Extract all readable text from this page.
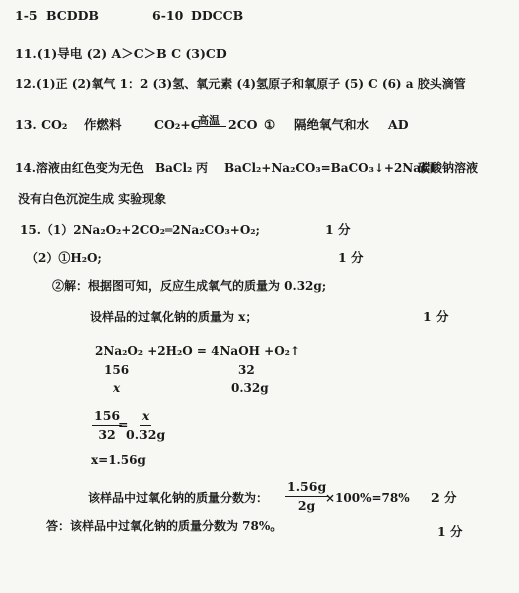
1-5 BCDDB	6-10 DDCCB
11.(1)导电 (2) A＞C＞B C (3)CD
12.(1)正 (2)氧气 1：2 (3)氢、氧元素 (4)氢原子和氧原子 (5) C (6) a 胶头滴管
13. CO₂ 作燃料	CO₂+C
高温 2CO ① 隔绝氧气和水 AD
14.溶液由红色变为无色 BaCl₂ 丙 BaCl₂+Na₂CO₃=BaCO₃↓+2NaCl
碳酸钠溶液
没有白色沉淀生成 实验现象
15.（1）2Na₂O₂+2CO₂═2Na₂CO₃+O₂;	1 分
（2）①H₂O;	1 分
②解：根据图可知，反应生成氧气的质量为 0.32g;
设样品的过氧化钠的质量为 x；	1 分
2Na₂O₂ +2H₂O = 4NaOH +O₂↑
156	32
x	0.32g
$\frac{156}{32}$
=
$\frac{x}{0.32g}$
x=1.56g
该样品中过氧化钠的质量分数为： $\frac{1.56g}{2g}$
×100%=78% 2 分
答：该样品中过氧化钠的质量分数为 78%。	1 分
